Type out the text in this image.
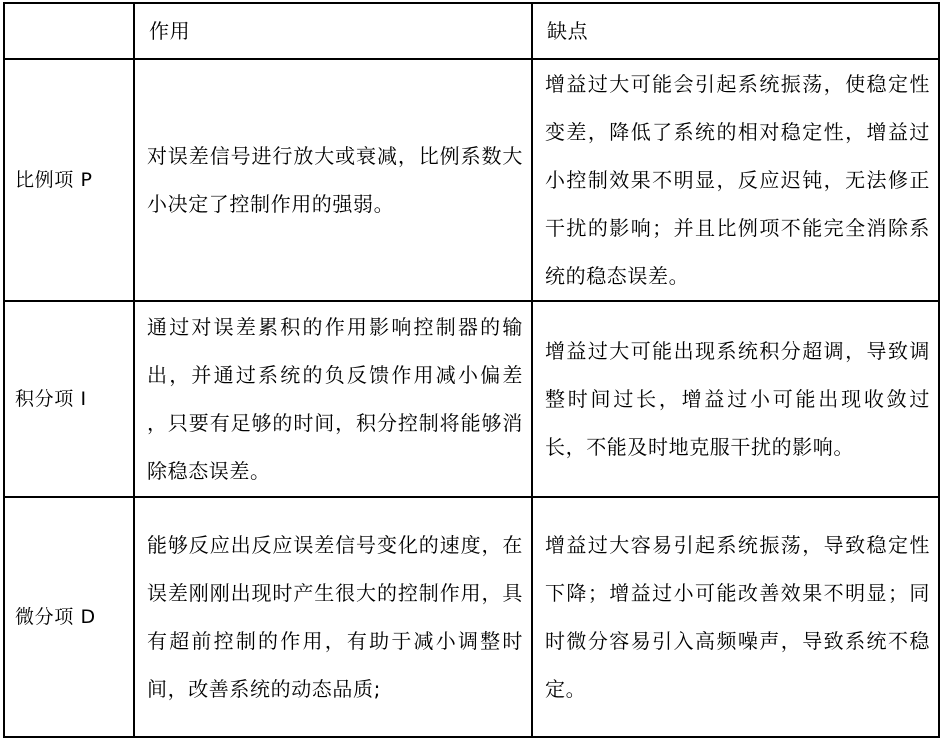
	作用	缺点
比例项 P	对误差信号进行放大或衰减，比例系数大小决定了控制作用的强弱。	增益过大可能会引起系统振荡，使稳定性变差，降低了系统的相对稳定性，增益过小控制效果不明显，反应迟钝，无法修正干扰的影响；并且比例项不能完全消除系统的稳态误差。
积分项 I	通过对误差累积的作用影响控制器的输出，并通过系统的负反馈作用减小偏差 ，只要有足够的时间，积分控制将能够消除稳态误差。	增益过大可能出现系统积分超调，导致调整时间过长，增益过小可能出现收敛过长，不能及时地克服干扰的影响。
微分项 D	能够反应出反应误差信号变化的速度，在误差刚刚出现时产生很大的控制作用，具有超前控制的作用，有助于减小调整时间，改善系统的动态品质;	增益过大容易引起系统振荡，导致稳定性下降；增益过小可能改善效果不明显；同时微分容易引入高频噪声，导致系统不稳定。
